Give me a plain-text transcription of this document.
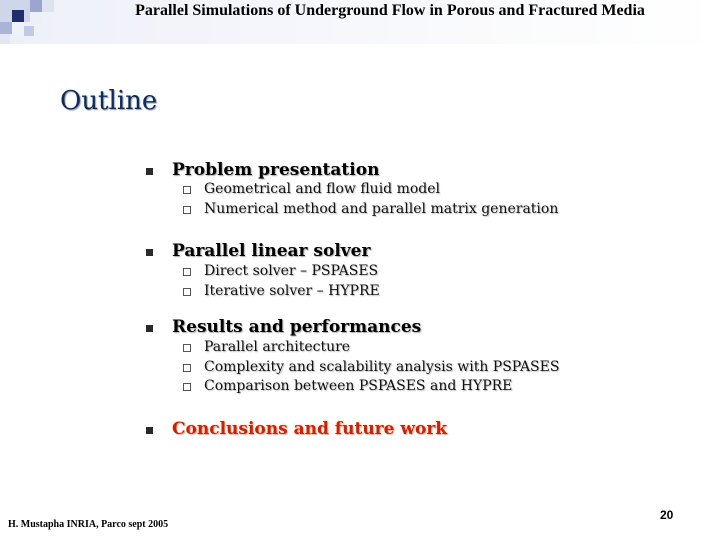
Parallel Simulations of Underground Flow in Porous and Fractured Media
Outline
Problem presentation
Geometrical and flow fluid model
Numerical method and parallel matrix generation
Parallel linear solver
Direct solver – PSPASES
Iterative solver – HYPRE
Results and performances
Parallel architecture
Complexity and scalability analysis with PSPASES
Comparison between PSPASES and HYPRE
Conclusions and future work
H. Mustapha INRIA, Parco sept 2005
20
